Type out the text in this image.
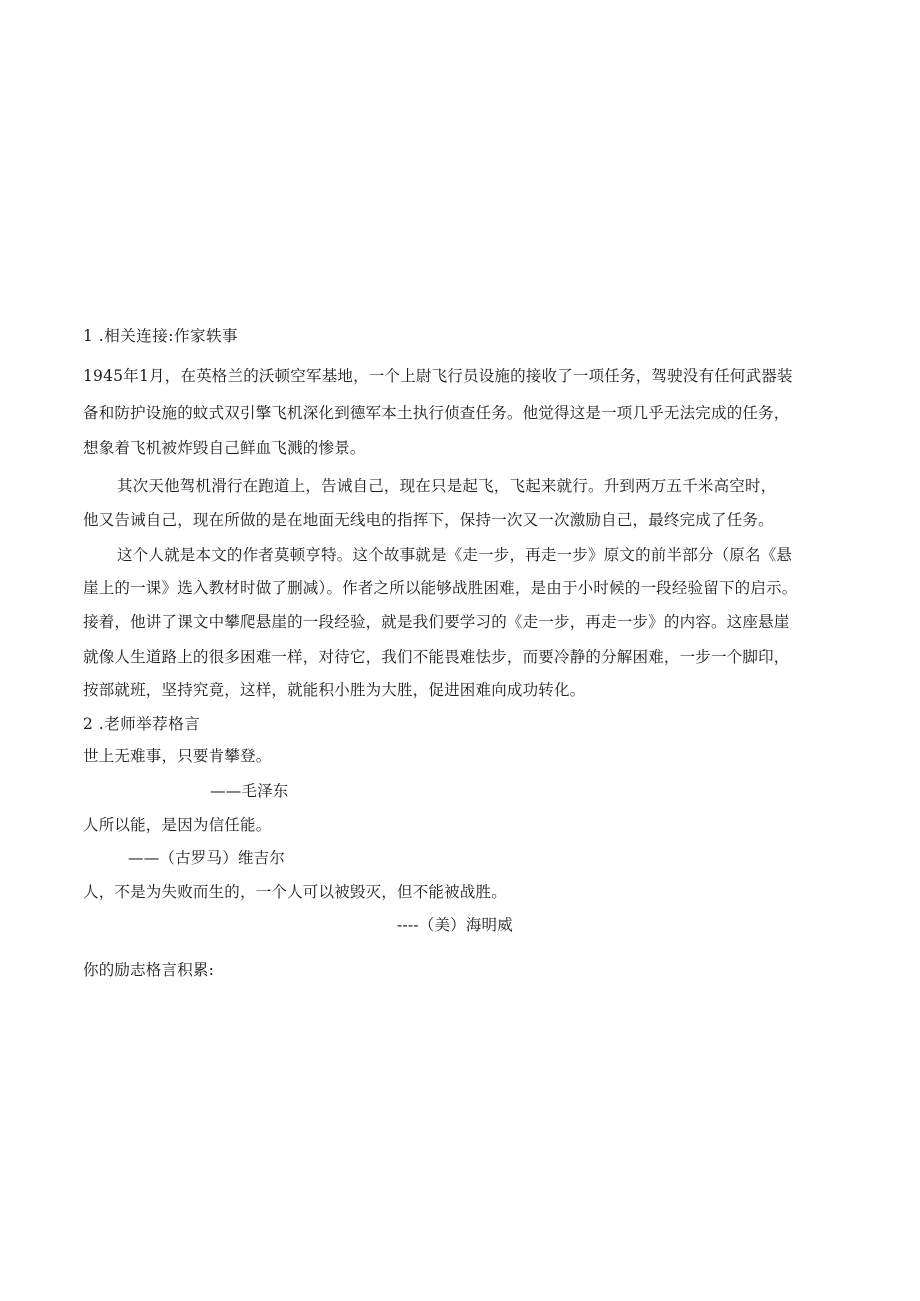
1 .相关连接:作家轶事
1945年1月，在英格兰的沃顿空军基地，一个上尉飞行员设施的接收了一项任务，驾驶没有任何武器装
备和防护设施的蚊式双引擎飞机深化到德军本土执行侦查任务。他觉得这是一项几乎无法完成的任务，
想象着飞机被炸毁自己鲜血飞溅的惨景。
其次天他驾机滑行在跑道上，告诫自己，现在只是起飞，飞起来就行。升到两万五千米高空时，
他又告诫自己，现在所做的是在地面无线电的指挥下，保持一次又一次激励自己，最终完成了任务。
这个人就是本文的作者莫顿亨特。这个故事就是《走一步，再走一步》原文的前半部分（原名《悬
崖上的一课》选入教材时做了删减）。作者之所以能够战胜困难，是由于小时候的一段经验留下的启示。
接着，他讲了课文中攀爬悬崖的一段经验，就是我们要学习的《走一步，再走一步》的内容。这座悬崖
就像人生道路上的很多困难一样，对待它，我们不能畏难怯步，而要冷静的分解困难，一步一个脚印，
按部就班，坚持究竟，这样，就能积小胜为大胜，促进困难向成功转化。
2 .老师举荐格言
世上无难事，只要肯攀登。
——毛泽东
人所以能，是因为信任能。
——（古罗马）维吉尔
人，不是为失败而生的，一个人可以被毁灭，但不能被战胜。
----（美）海明威
你的励志格言积累:
